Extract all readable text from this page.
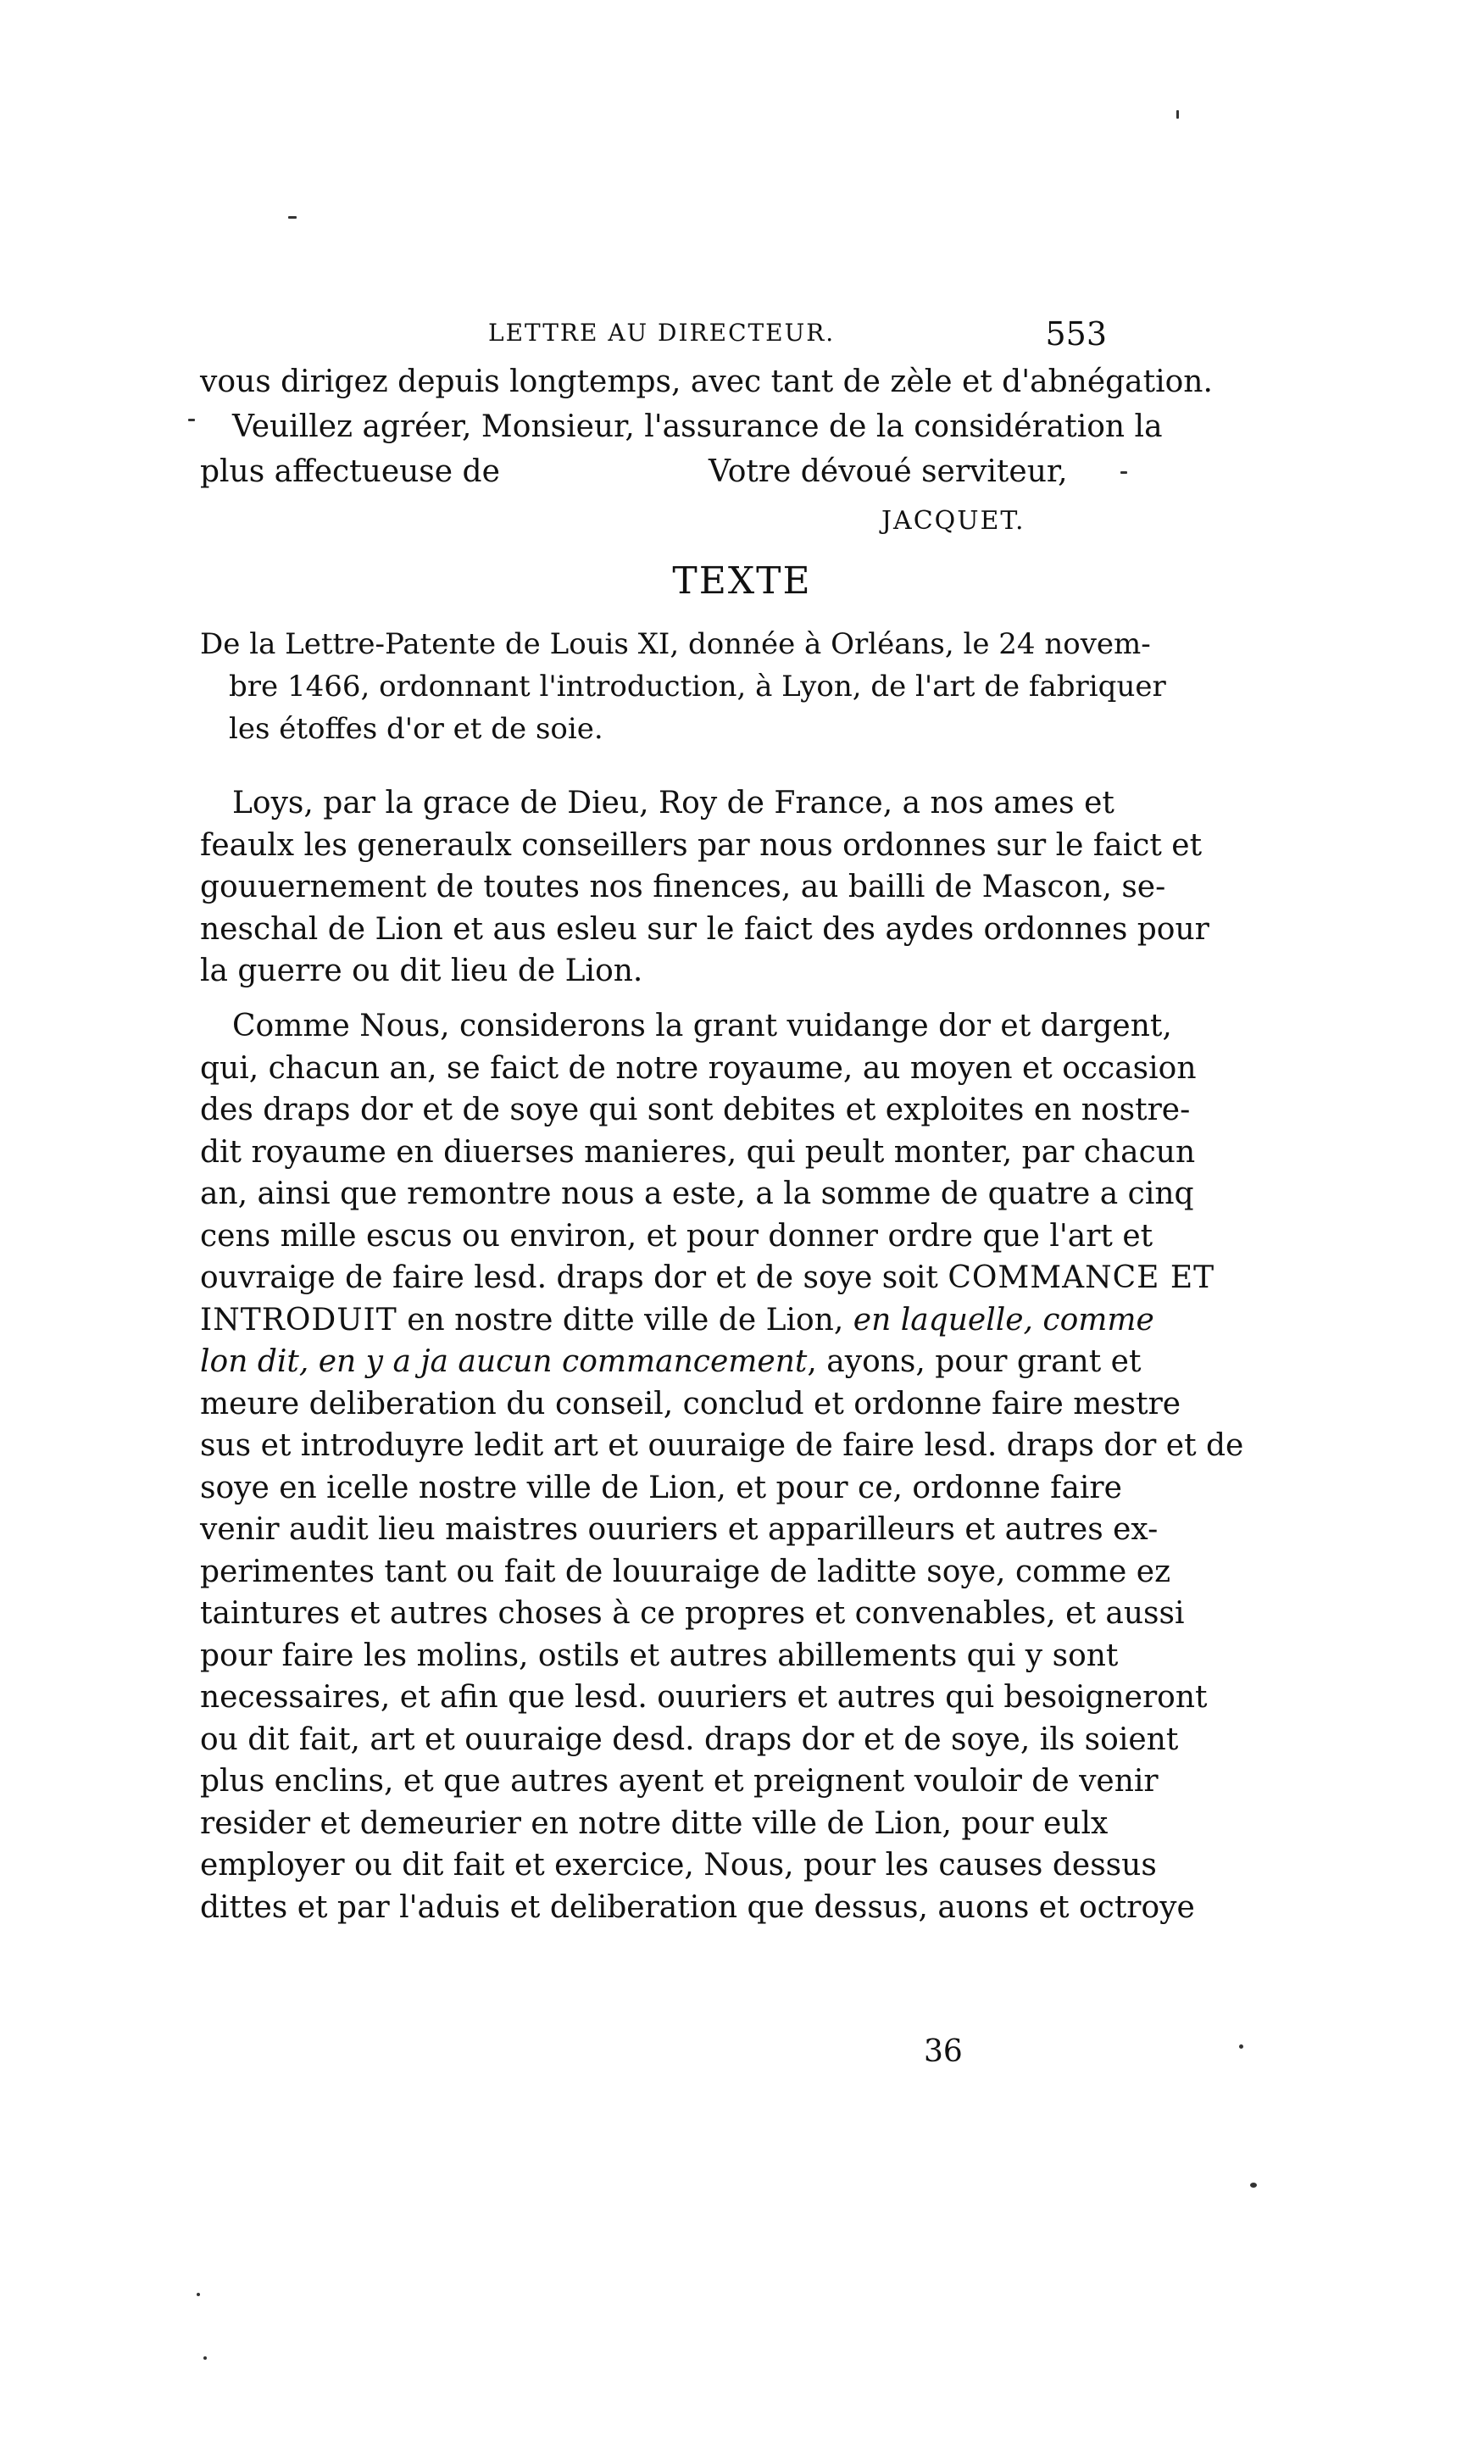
LETTRE AU DIRECTEUR.	553
vous dirigez depuis longtemps, avec tant de zèle et d'abnégation.
Veuillez agréer, Monsieur, l'assurance de la considération la
plus affectueuse de	Votre dévoué serviteur,
JACQUET.
TEXTE
De la Lettre-Patente de Louis XI, donnée à Orléans, le 24 novem-
bre 1466, ordonnant l'introduction, à Lyon, de l'art de fabriquer
les étoffes d'or et de soie.
Loys, par la grace de Dieu, Roy de France, a nos ames et
feaulx les generaulx conseillers par nous ordonnes sur le faict et
gouuernement de toutes nos finences, au bailli de Mascon, se-
neschal de Lion et aus esleu sur le faict des aydes ordonnes pour
la guerre ou dit lieu de Lion.
Comme Nous, considerons la grant vuidange dor et dargent,
qui, chacun an, se faict de notre royaume, au moyen et occasion
des draps dor et de soye qui sont debites et exploites en nostre-
dit royaume en diuerses manieres, qui peult monter, par chacun
an, ainsi que remontre nous a este, a la somme de quatre a cinq
cens mille escus ou environ, et pour donner ordre que l'art et
ouvraige de faire lesd. draps dor et de soye soit COMMANCE ET
INTRODUIT en nostre ditte ville de Lion, en laquelle, comme
lon dit, en y a ja aucun commancement, ayons, pour grant et
meure deliberation du conseil, conclud et ordonne faire mestre
sus et introduyre ledit art et ouuraige de faire lesd. draps dor et de
soye en icelle nostre ville de Lion, et pour ce, ordonne faire
venir audit lieu maistres ouuriers et apparilleurs et autres ex-
perimentes tant ou fait de louuraige de laditte soye, comme ez
taintures et autres choses à ce propres et convenables, et aussi
pour faire les molins, ostils et autres abillements qui y sont
necessaires, et afin que lesd. ouuriers et autres qui besoigneront
ou dit fait, art et ouuraige desd. draps dor et de soye, ils soient
plus enclins, et que autres ayent et preignent vouloir de venir
resider et demeurier en notre ditte ville de Lion, pour eulx
employer ou dit fait et exercice, Nous, pour les causes dessus
dittes et par l'aduis et deliberation que dessus, auons et octroye
36
